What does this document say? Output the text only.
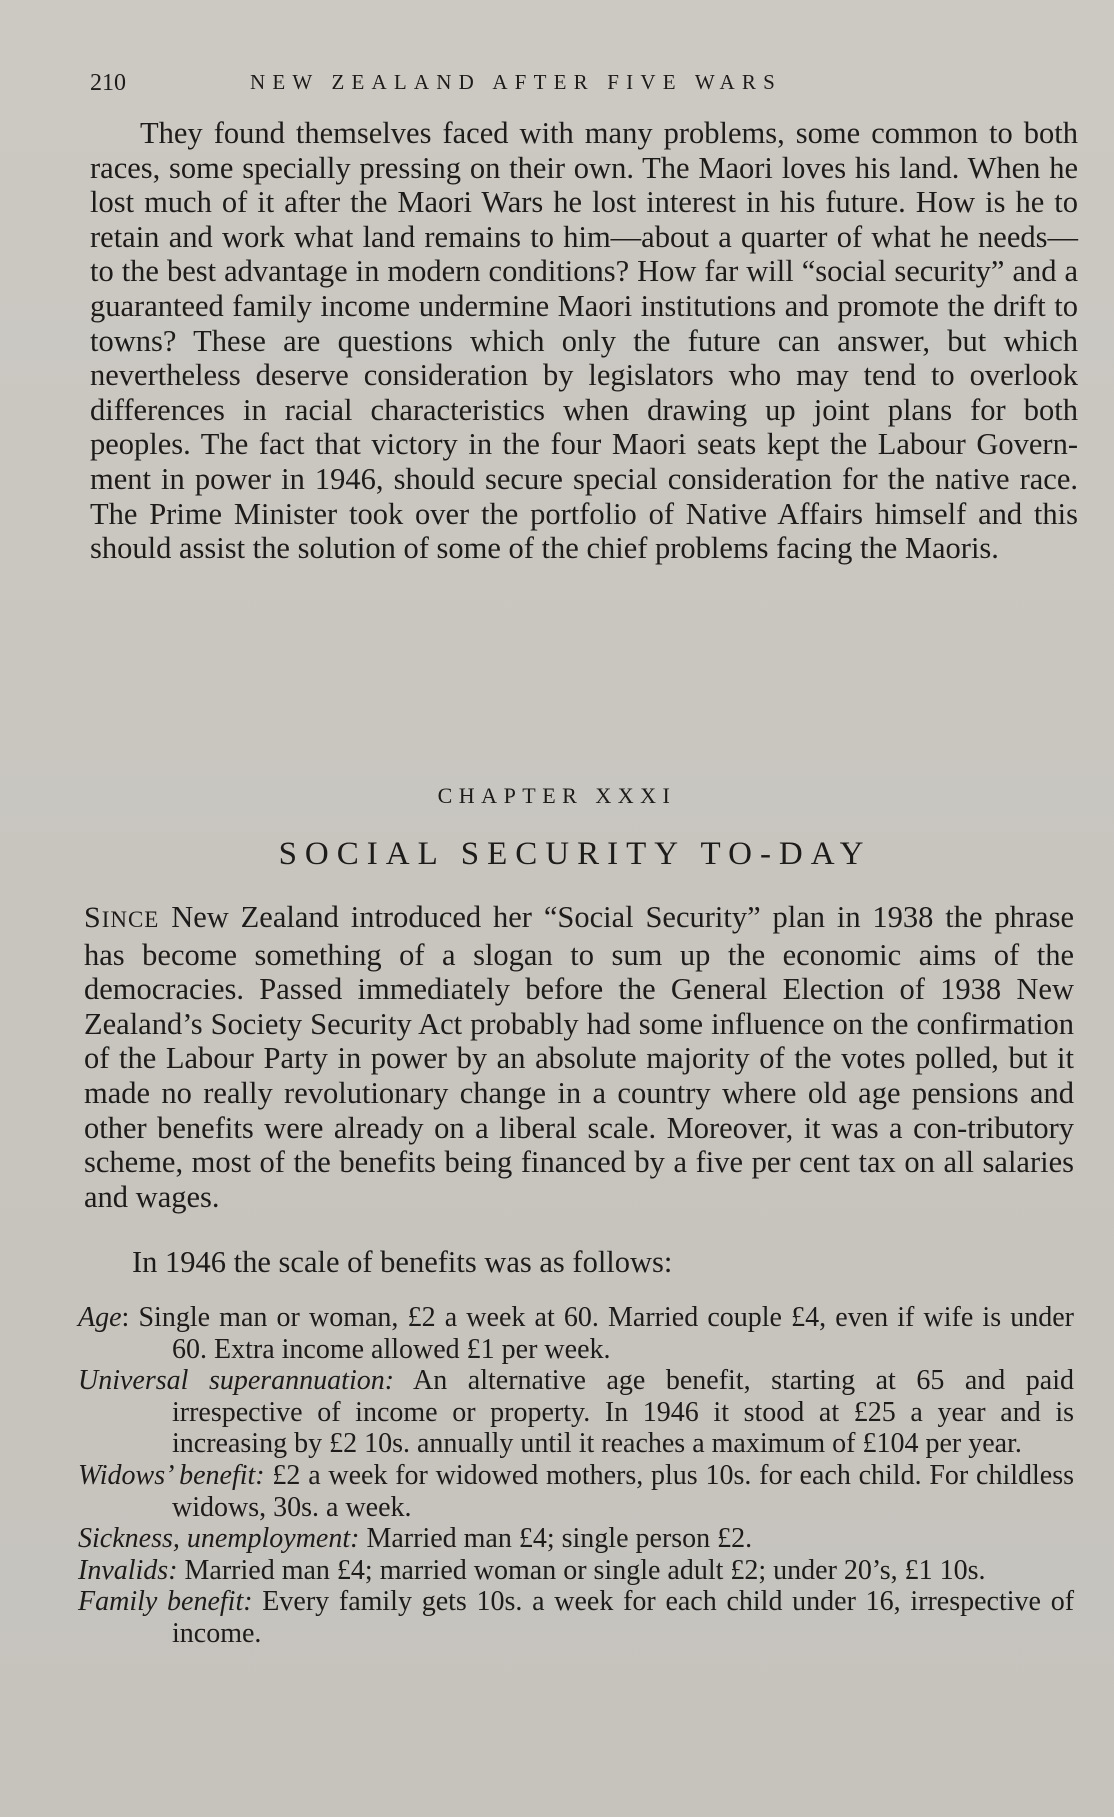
210	NEW ZEALAND AFTER FIVE WARS

They found themselves faced with many problems, some common to both races, some specially pressing on their own. The Maori loves his land. When he lost much of it after the Maori Wars he lost interest in his future. How is he to retain and work what land remains to him—about a quarter of what he needs—to the best advantage in modern conditions? How far will “social security” and a guaranteed family income undermine Maori institutions and promote the drift to towns? These are questions which only the future can answer, but which nevertheless deserve consideration by legislators who may tend to overlook differences in racial characteristics when drawing up joint plans for both peoples. The fact that victory in the four Maori seats kept the Labour Govern-ment in power in 1946, should secure special consideration for the native race. The Prime Minister took over the portfolio of Native Affairs himself and this should assist the solution of some of the chief problems facing the Maoris.

CHAPTER XXXI
SOCIAL SECURITY TO-DAY

SINCE New Zealand introduced her “Social Security” plan in 1938 the phrase has become something of a slogan to sum up the economic aims of the democracies. Passed immediately before the General Election of 1938 New Zealand’s Society Security Act probably had some influence on the confirmation of the Labour Party in power by an absolute majority of the votes polled, but it made no really revolutionary change in a country where old age pensions and other benefits were already on a liberal scale. Moreover, it was a con-tributory scheme, most of the benefits being financed by a five per cent tax on all salaries and wages.

In 1946 the scale of benefits was as follows:

Age: Single man or woman, £2 a week at 60. Married couple £4, even if wife is under 60. Extra income allowed £1 per week.

Universal superannuation: An alternative age benefit, starting at 65 and paid irrespective of income or property. In 1946 it stood at £25 a year and is increasing by £2 10s. annually until it reaches a maximum of £104 per year.

Widows’ benefit: £2 a week for widowed mothers, plus 10s. for each child. For childless widows, 30s. a week.

Sickness, unemployment: Married man £4; single person £2.

Invalids: Married man £4; married woman or single adult £2; under 20’s, £1 10s.

Family benefit: Every family gets 10s. a week for each child under 16, irrespective of income.
